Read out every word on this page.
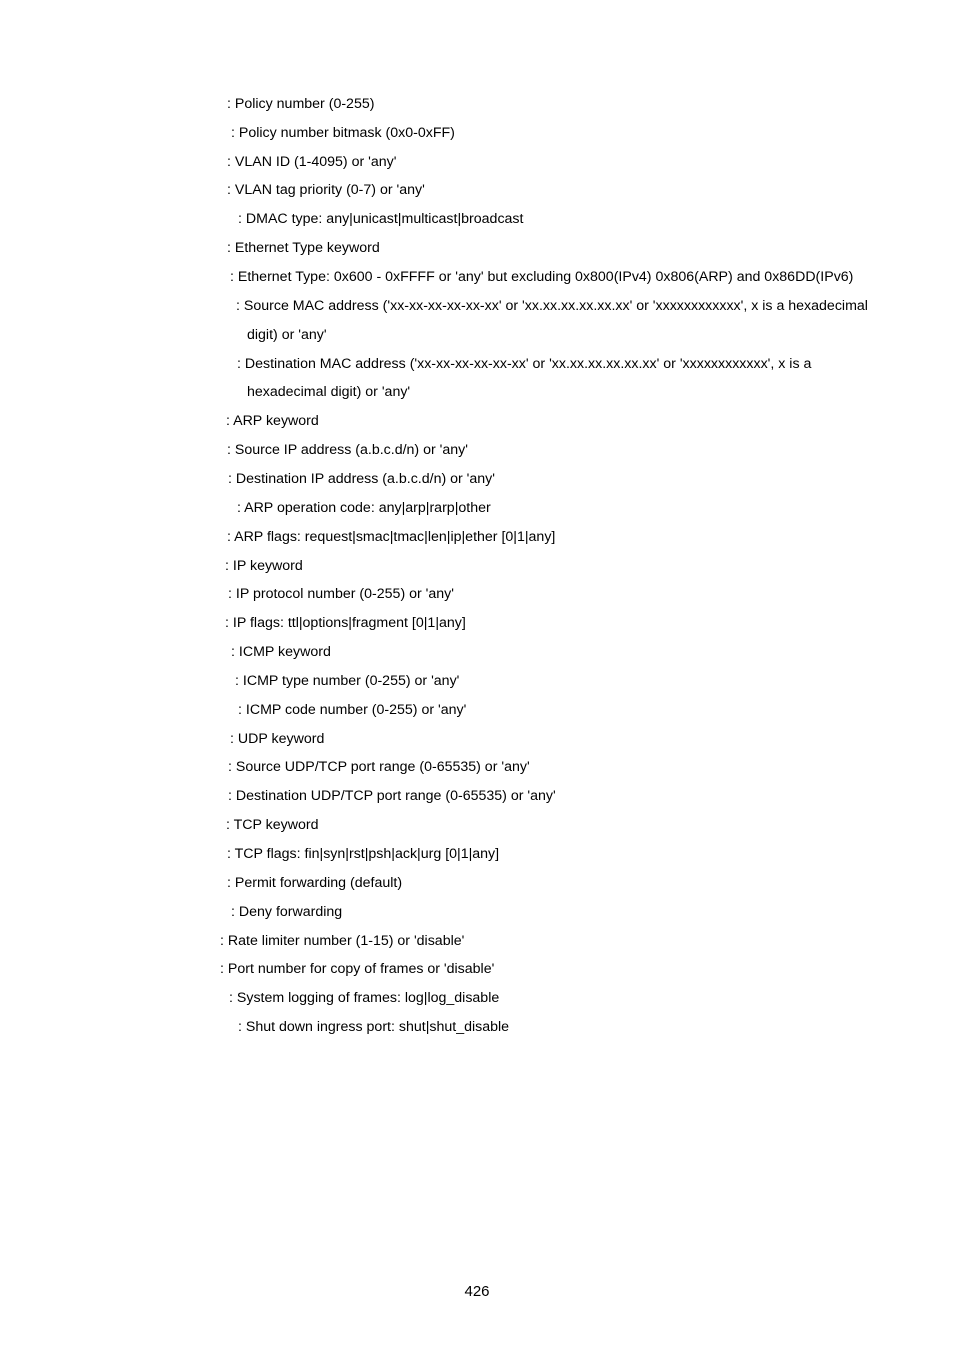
: Policy number (0-255)
: Policy number bitmask (0x0-0xFF)
: VLAN ID (1-4095) or 'any'
: VLAN tag priority (0-7) or 'any'
: DMAC type: any|unicast|multicast|broadcast
: Ethernet Type keyword
: Ethernet Type: 0x600 - 0xFFFF or 'any' but excluding 0x800(IPv4) 0x806(ARP) and 0x86DD(IPv6)
: Source MAC address ('xx-xx-xx-xx-xx-xx' or 'xx.xx.xx.xx.xx.xx' or 'xxxxxxxxxxxx', x is a hexadecimal
digit) or 'any'
: Destination MAC address ('xx-xx-xx-xx-xx-xx' or 'xx.xx.xx.xx.xx.xx' or 'xxxxxxxxxxxx', x is a
hexadecimal digit) or 'any'
: ARP keyword
: Source IP address (a.b.c.d/n) or 'any'
: Destination IP address (a.b.c.d/n) or 'any'
: ARP operation code: any|arp|rarp|other
: ARP flags: request|smac|tmac|len|ip|ether [0|1|any]
: IP keyword
: IP protocol number (0-255) or 'any'
: IP flags: ttl|options|fragment [0|1|any]
: ICMP keyword
: ICMP type number (0-255) or 'any'
: ICMP code number (0-255) or 'any'
: UDP keyword
: Source UDP/TCP port range (0-65535) or 'any'
: Destination UDP/TCP port range (0-65535) or 'any'
: TCP keyword
: TCP flags: fin|syn|rst|psh|ack|urg [0|1|any]
: Permit forwarding (default)
: Deny forwarding
: Rate limiter number (1-15) or 'disable'
: Port number for copy of frames or 'disable'
: System logging of frames: log|log_disable
: Shut down ingress port: shut|shut_disable
426
